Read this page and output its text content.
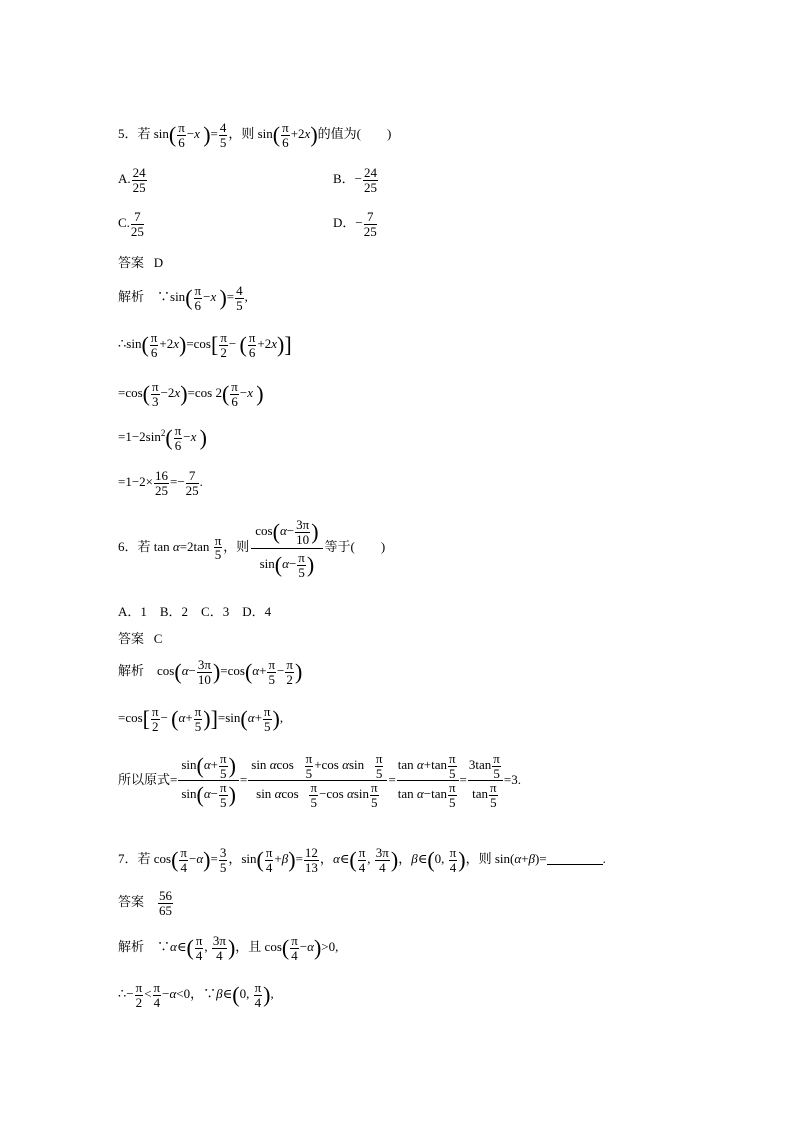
5．若 $\sin( \frac{\pi}{6} -x$ )= $\frac{4}{5}$ ，则 $\sin( \frac{\pi}{6} +2x)$的值为(　　)
A. $\frac{24}{25}$	B．− $\frac{24}{25}$
C. $\frac{7}{25}$	D．− $\frac{7}{25}$
答案 D
解析    ∵sin( $\frac{\pi}{6} -x$ )= $\frac{4}{5}$ ,
∴sin( $\frac{\pi}{6} +2x)=\cos[ \frac{\pi}{2}$ − ( $\frac{\pi}{6} +2x$)]
$=\cos( \frac{\pi}{3} -2x)=\cos$ $2( \frac{\pi}{6} -x$ )
$=1-2\sin^2( \frac{\pi}{6} -x$ )
$=1-2\times \frac{16}{25} =- \frac{7}{25}$ .
6．若 $\tan \alpha=2\tan \frac{\pi}{5}$ ，则 $\frac{\cos(\alpha- \frac{3\pi}{10} )}{\sin(\alpha- \frac{\pi}{5} )}$ 等于(　　)
A．1　B．2　C．3　D．4
答案 C
解析    $\cos(\alpha- \frac{3\pi}{10} )=\cos(\alpha+ \frac{\pi}{5} - \frac{\pi}{2}$ )
$=\cos[ \frac{\pi}{2} - (\alpha+ \frac{\pi}{5} )]=\sin(\alpha+ \frac{\pi}{5}$ ),
所以原式= $\frac{\sin(\alpha+ \frac{\pi}{5} )}{\sin(\alpha- \frac{\pi}{5} )} = \frac{\sin \alpha\cos \frac{\pi}{5} +\cos \alpha\sin \frac{\pi}{5}}{\sin \alpha\cos \frac{\pi}{5} -\cos \alpha\sin \frac{\pi}{5}} = \frac{\tan \alpha+\tan \frac{\pi}{5}}{\tan \alpha-\tan \frac{\pi}{5}} = \frac{3\tan \frac{\pi}{5}}{\tan \frac{\pi}{5}} =3$.
7．若 $\cos( \frac{\pi}{4} -\alpha)= \frac{3}{5}$ ，$\sin( \frac{\pi}{4} +\beta)= \frac{12}{13}$ ，α∈( $\frac{\pi}{4}$ , $\frac{3\pi}{4}$ )，β∈(0, $\frac{\pi}{4}$ )，则 sin(α+β)=	.
答案 $\frac{56}{65}$
解析    ∵α∈( $\frac{\pi}{4}$ , $\frac{3\pi}{4}$ )，且 $\cos( \frac{\pi}{4} -\alpha)>0$,
∴− $\frac{\pi}{2} < \frac{\pi}{4} -\alpha<0$，∵β∈(0, $\frac{\pi}{4}$ ),
